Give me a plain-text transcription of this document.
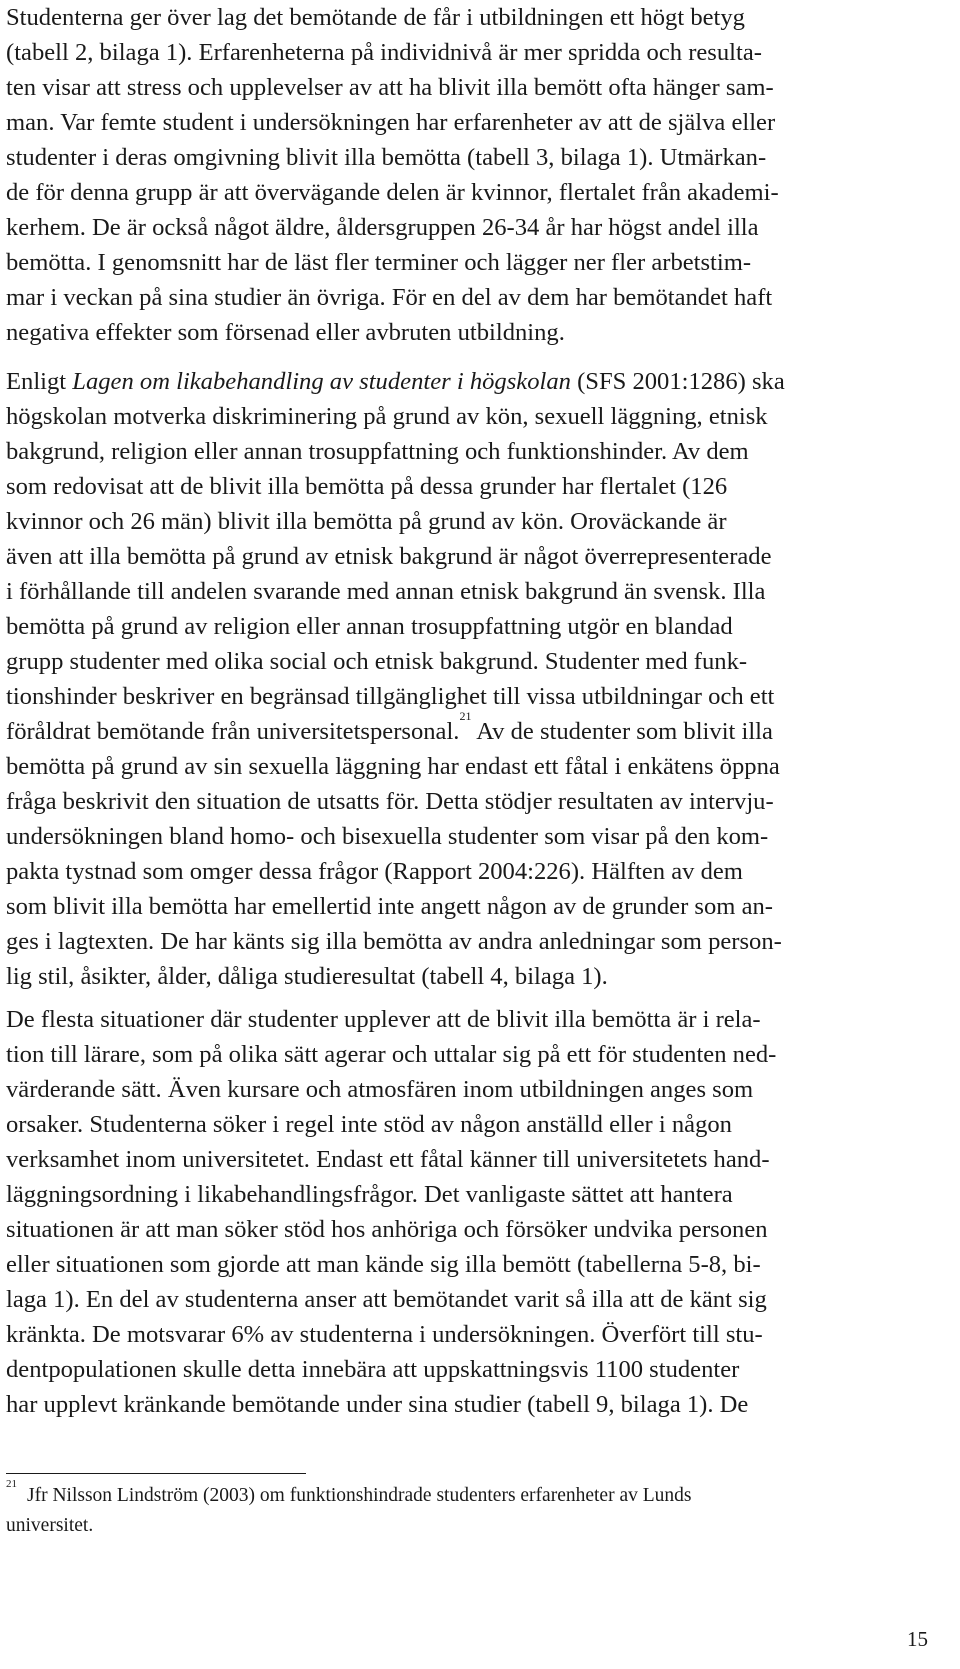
Studenterna ger över lag det bemötande de får i utbildningen ett högt betyg
(tabell 2, bilaga 1). Erfarenheterna på individnivå är mer spridda och resulta-
ten visar att stress och upplevelser av att ha blivit illa bemött ofta hänger sam-
man. Var femte student i undersökningen har erfarenheter av att de själva eller
studenter i deras omgivning blivit illa bemötta (tabell 3, bilaga 1). Utmärkan-
de för denna grupp är att övervägande delen är kvinnor, flertalet från akademi-
kerhem. De är också något äldre, åldersgruppen 26-34 år har högst andel illa
bemötta. I genomsnitt har de läst fler terminer och lägger ner fler arbetstim-
mar i veckan på sina studier än övriga. För en del av dem har bemötandet haft
negativa effekter som försenad eller avbruten utbildning.
Enligt Lagen om likabehandling av studenter i högskolan (SFS 2001:1286) ska
högskolan motverka diskriminering på grund av kön, sexuell läggning, etnisk
bakgrund, religion eller annan trosuppfattning och funktionshinder. Av dem
som redovisat att de blivit illa bemötta på dessa grunder har flertalet (126
kvinnor och 26 män) blivit illa bemötta på grund av kön. Oroväckande är
även att illa bemötta på grund av etnisk bakgrund är något överrepresenterade
i förhållande till andelen svarande med annan etnisk bakgrund än svensk. Illa
bemötta på grund av religion eller annan trosuppfattning utgör en blandad
grupp studenter med olika social och etnisk bakgrund. Studenter med funk-
tionshinder beskriver en begränsad tillgänglighet till vissa utbildningar och ett
föråldrat bemötande från universitetspersonal.$^{21}$ Av de studenter som blivit illa
bemötta på grund av sin sexuella läggning har endast ett fåtal i enkätens öppna
fråga beskrivit den situation de utsatts för. Detta stödjer resultaten av intervju-
undersökningen bland homo- och bisexuella studenter som visar på den kom-
pakta tystnad som omger dessa frågor (Rapport 2004:226). Hälften av dem
som blivit illa bemötta har emellertid inte angett någon av de grunder som an-
ges i lagtexten. De har känts sig illa bemötta av andra anledningar som person-
lig stil, åsikter, ålder, dåliga studieresultat (tabell 4, bilaga 1).
De flesta situationer där studenter upplever att de blivit illa bemötta är i rela-
tion till lärare, som på olika sätt agerar och uttalar sig på ett för studenten ned-
värderande sätt. Även kursare och atmosfären inom utbildningen anges som
orsaker. Studenterna söker i regel inte stöd av någon anställd eller i någon
verksamhet inom universitetet. Endast ett fåtal känner till universitetets hand-
läggningsordning i likabehandlingsfrågor. Det vanligaste sättet att hantera
situationen är att man söker stöd hos anhöriga och försöker undvika personen
eller situationen som gjorde att man kände sig illa bemött (tabellerna 5-8, bi-
laga 1). En del av studenterna anser att bemötandet varit så illa att de känt sig
kränkta. De motsvarar 6% av studenterna i undersökningen. Överfört till stu-
dentpopulationen skulle detta innebära att uppskattningsvis 1100 studenter
har upplevt kränkande bemötande under sina studier (tabell 9, bilaga 1). De
$^{21}$Jfr Nilsson Lindström (2003) om funktionshindrade studenters erfarenheter av Lunds
universitet.
15
